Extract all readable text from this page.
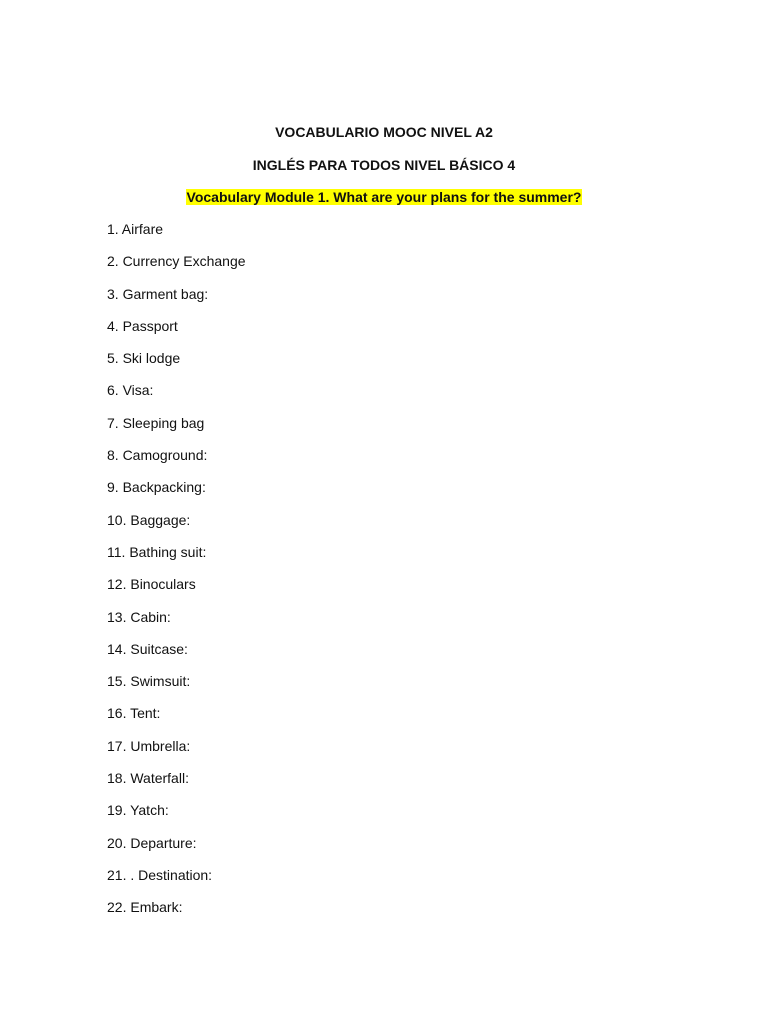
VOCABULARIO MOOC NIVEL A2
INGLÉS PARA TODOS NIVEL BÁSICO 4
Vocabulary Module 1. What are your plans for the summer?
1. Airfare
2. Currency Exchange
3. Garment bag:
4. Passport
5. Ski lodge
6. Visa:
7. Sleeping bag
8. Camoground:
9. Backpacking:
10. Baggage:
11. Bathing suit:
12. Binoculars
13. Cabin:
14. Suitcase:
15. Swimsuit:
16. Tent:
17. Umbrella:
18. Waterfall:
19. Yatch:
20. Departure:
21. . Destination:
22. Embark:
